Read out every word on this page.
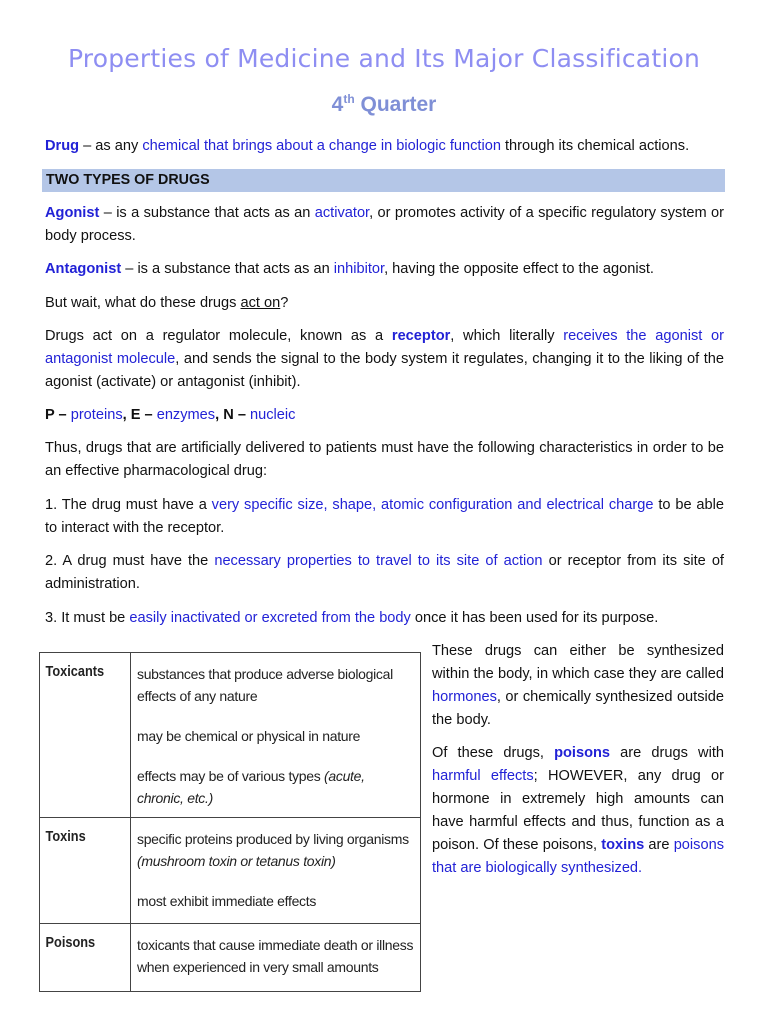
Properties of Medicine and Its Major Classification
4th Quarter
Drug – as any chemical that brings about a change in biologic function through its chemical actions.
TWO TYPES OF DRUGS
Agonist – is a substance that acts as an activator, or promotes activity of a specific regulatory system or body process.
Antagonist – is a substance that acts as an inhibitor, having the opposite effect to the agonist.
But wait, what do these drugs act on?
Drugs act on a regulator molecule, known as a receptor, which literally receives the agonist or antagonist molecule, and sends the signal to the body system it regulates, changing it to the liking of the agonist (activate) or antagonist (inhibit).
P – proteins, E – enzymes, N – nucleic
Thus, drugs that are artificially delivered to patients must have the following characteristics in order to be an effective pharmacological drug:
1. The drug must have a very specific size, shape, atomic configuration and electrical charge to be able to interact with the receptor.
2. A drug must have the necessary properties to travel to its site of action or receptor from its site of administration.
3. It must be easily inactivated or excreted from the body once it has been used for its purpose.
Toxicants	substances that produce adverse biological effects of any nature
may be chemical or physical in nature
effects may be of various types (acute, chronic, etc.)

Toxins	specific proteins produced by living organisms
(mushroom toxin or tetanus toxin)
most exhibit immediate effects

Poisons	toxicants that cause immediate death or illness when experienced in very small amounts
These drugs can either be synthesized within the body, in which case they are called hormones, or chemically synthesized outside the body.
Of these drugs, poisons are drugs with harmful effects; HOWEVER, any drug or hormone in extremely high amounts can have harmful effects and thus, function as a poison. Of these poisons, toxins are poisons that are biologically synthesized.
